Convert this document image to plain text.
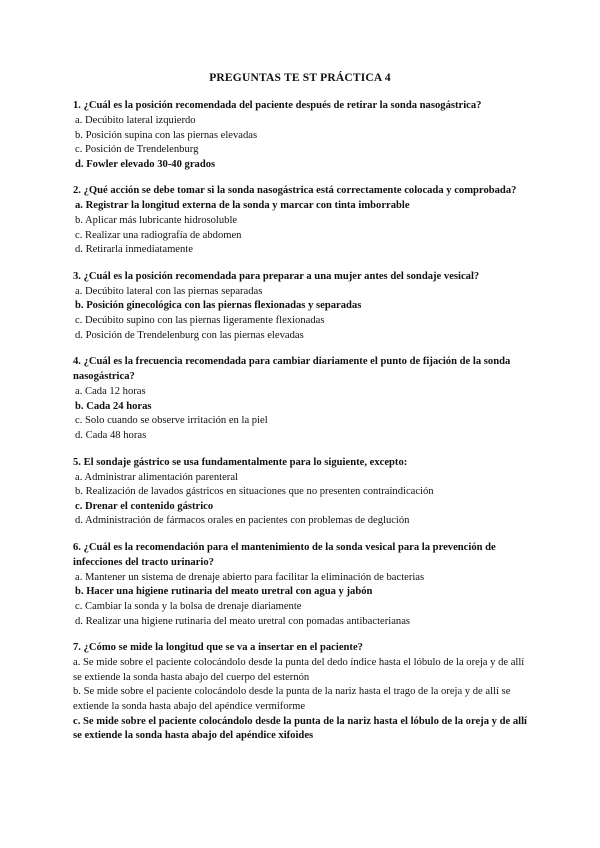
PREGUNTAS TE ST PRÁCTICA 4
1. ¿Cuál es la posición recomendada del paciente después de retirar la sonda nasogástrica?
a. Decúbito lateral izquierdo
b. Posición supina con las piernas elevadas
c. Posición de Trendelenburg
d. Fowler elevado 30-40 grados
2. ¿Qué acción se debe tomar si la sonda nasogástrica está correctamente colocada y comprobada?
a. Registrar la longitud externa de la sonda y marcar con tinta imborrable
b. Aplicar más lubricante hidrosoluble
c. Realizar una radiografía de abdomen
d. Retirarla inmediatamente
3. ¿Cuál es la posición recomendada para preparar a una mujer antes del sondaje vesical?
a. Decúbito lateral con las piernas separadas
b. Posición ginecológica con las piernas flexionadas y separadas
c. Decúbito supino con las piernas ligeramente flexionadas
d. Posición de Trendelenburg con las piernas elevadas
4. ¿Cuál es la frecuencia recomendada para cambiar diariamente el punto de fijación de la sonda nasogástrica?
a. Cada 12 horas
b. Cada 24 horas
c. Solo cuando se observe irritación en la piel
d. Cada 48 horas
5. El sondaje gástrico se usa fundamentalmente para lo siguiente, excepto:
a. Administrar alimentación parenteral
b. Realización de lavados gástricos en situaciones que no presenten contraindicación
c. Drenar el contenido gástrico
d. Administración de fármacos orales en pacientes con problemas de deglución
6. ¿Cuál es la recomendación para el mantenimiento de la sonda vesical para la prevención de infecciones del tracto urinario?
a. Mantener un sistema de drenaje abierto para facilitar la eliminación de bacterias
b. Hacer una higiene rutinaria del meato uretral con agua y jabón
c. Cambiar la sonda y la bolsa de drenaje diariamente
d. Realizar una higiene rutinaria del meato uretral con pomadas antibacterianas
7. ¿Cómo se mide la longitud que se va a insertar en el paciente?
a. Se mide sobre el paciente colocándolo desde la punta del dedo índice hasta el lóbulo de la oreja y de allí se extiende la sonda hasta abajo del cuerpo del esternón
b. Se mide sobre el paciente colocándolo desde la punta de la nariz hasta el trago de la oreja y de allí se extiende la sonda hasta abajo del apéndice vermiforme
c. Se mide sobre el paciente colocándolo desde la punta de la nariz hasta el lóbulo de la oreja y de allí se extiende la sonda hasta abajo del apéndice xifoides
